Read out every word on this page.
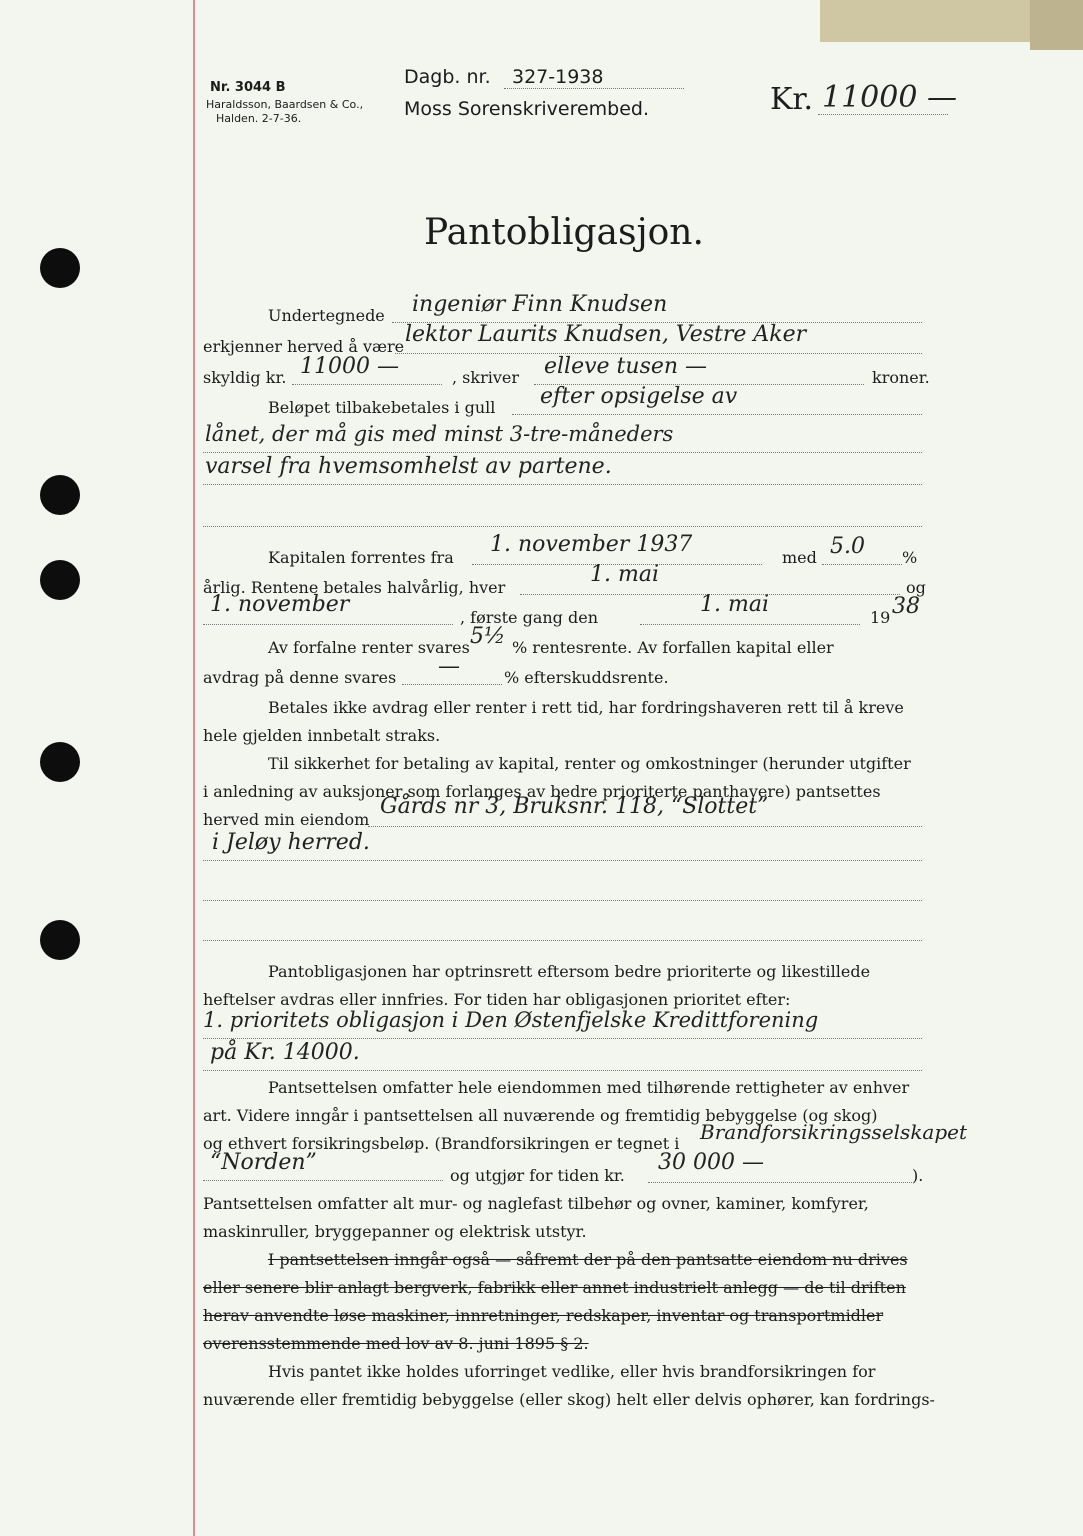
Nr. 3044 B
Haraldsson, Baardsen & Co.,
Halden. 2-7-36.
Dagb. nr. 327-1938
Moss Sorenskriverembed.	Kr. 11000 —
Pantobligasjon.
Undertegnede ingeniør Finn Knudsen
erkjenner herved å være lektor Laurits Knudsen, Vestre Aker
skyldig kr. 11000 —	, skriver elleve tusen —	kroner.
Beløpet tilbakebetales i gull efter opsigelse av
lånet, der må gis med minst 3-tre-måneders
varsel fra hvemsomhelst av partene.
Kapitalen forrentes fra
1. november 1937
med 5.0 %
årlig. Rentene betales halvårlig, hver
1. mai
og
1. november
, første gang den
1. mai
19 38
Av forfalne renter svares 5½ % rentesrente. Av forfallen kapital eller
avdrag på denne svares —	% efterskuddsrente.
Betales ikke avdrag eller renter i rett tid, har fordringshaveren rett til å kreve
hele gjelden innbetalt straks.
Til sikkerhet for betaling av kapital, renter og omkostninger (herunder utgifter
i anledning av auksjoner som forlanges av bedre prioriterte panthavere) pantsettes
herved min eiendom
Gårds nr 3, Bruksnr. 118, “Slottet”
i Jeløy herred.
Pantobligasjonen har optrinsrett eftersom bedre prioriterte og likestillede
heftelser avdras eller innfries. For tiden har obligasjonen prioritet efter:
1. prioritets obligasjon i Den Østenfjelske Kredittforening
på Kr. 14000.
Pantsettelsen omfatter hele eiendommen med tilhørende rettigheter av enhver
art. Videre inngår i pantsettelsen all nuværende og fremtidig bebyggelse (og skog)
og ethvert forsikringsbeløp. (Brandforsikringen er tegnet i Brandforsikringsselskapet
“Norden”
og utgjør for tiden kr.
30 000 —
).
Pantsettelsen omfatter alt mur- og naglefast tilbehør og ovner, kaminer, komfyrer,
maskinruller, bryggepanner og elektrisk utstyr.
I pantsettelsen inngår også — såfremt der på den pantsatte eiendom nu drives
eller senere blir anlagt bergverk, fabrikk eller annet industrielt anlegg — de til driften
herav anvendte løse maskiner, innretninger, redskaper, inventar og transportmidler
overensstemmende med lov av 8. juni 1895 § 2.
Hvis pantet ikke holdes uforringet vedlike, eller hvis brandforsikringen for
nuværende eller fremtidig bebyggelse (eller skog) helt eller delvis ophører, kan fordrings-
